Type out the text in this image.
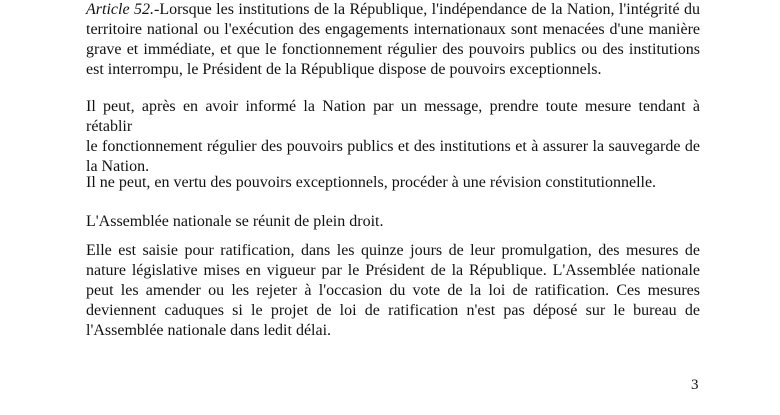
Article 52.-Lorsque les institutions de la République, l'indépendance de la Nation, l'intégrité du
territoire national ou l'exécution des engagements internationaux sont menacées d'une manière
grave et immédiate, et que le fonctionnement régulier des pouvoirs publics ou des institutions
est interrompu, le Président de la République dispose de pouvoirs exceptionnels.
Il peut, après en avoir informé la Nation par un message, prendre toute mesure tendant à rétablir
le fonctionnement régulier des pouvoirs publics et des institutions et à assurer la sauvegarde de
la Nation.
Il ne peut, en vertu des pouvoirs exceptionnels, procéder à une révision constitutionnelle.
L'Assemblée nationale se réunit de plein droit.
Elle est saisie pour ratification, dans les quinze jours de leur promulgation, des mesures de
nature législative mises en vigueur par le Président de la République. L'Assemblée nationale
peut les amender ou les rejeter à l'occasion du vote de la loi de ratification. Ces mesures
deviennent caduques si le projet de loi de ratification n'est pas déposé sur le bureau de
l'Assemblée nationale dans ledit délai.
3
